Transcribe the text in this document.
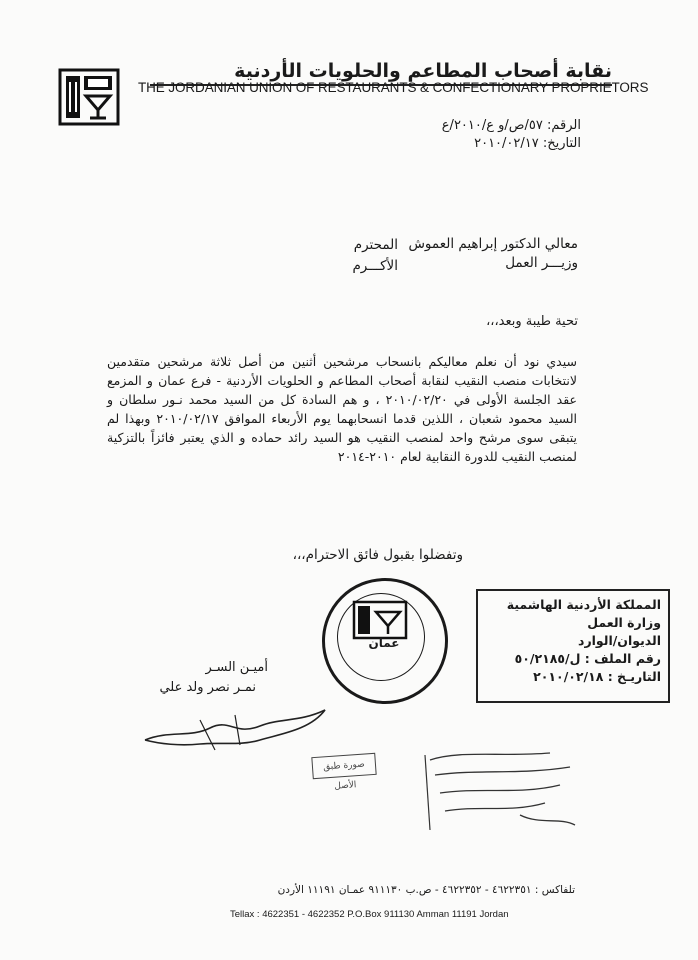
نقابة أصحاب المطاعم والحلويات الأردنية
THE JORDANIAN UNION OF RESTAURANTS & CONFECTIONARY PROPRIETORS
الرقم: ٥٧/ص/و ع/٢٠١٠/ع
التاريخ: ٢٠١٠/٠٢/١٧
معالي الدكتور إبراهيم العموش
وزيـــر العمل
المحترم
الأكـــرم
تحية طيبة وبعد،،،
سيدي نود أن نعلم معاليكم بانسحاب مرشحين أثنين من أصل ثلاثة مرشحين متقدمين لانتخابات منصب النقيب لنقابة أصحاب المطاعم و الحلويات الأردنية - فرع عمان و المزمع عقد الجلسة الأولى في ٢٠١٠/٠٢/٢٠ ، و هم السادة كل من السيد محمد نـور سلطان و السيد محمود شعبان ، اللذين قدما انسحابهما يوم الأربعاء الموافق ٢٠١٠/٠٢/١٧ وبهذا لم يتبقى سوى مرشح واحد لمنصب النقيب هو السيد رائد حماده و الذي يعتبر فائزاً بالتزكية لمنصب النقيب للدورة النقابية لعام ٢٠١٠-٢٠١٤
وتفضلوا بقبول فائق الاحترام،،،
عمان
أميـن السـر
نمـر نصر ولد علي
المملكة الأردنية الهاشمية
وزارة العمل
الديوان/الوارد
رقم الملف : ل/٥٠/٢١٨٥
التاريـخ : ٢٠١٠/٠٢/١٨
صورة طبق الأصل
تلفاكس : ٤٦٢٢٣٥١ - ٤٦٢٢٣٥٢ - ص.ب ٩١١١٣٠ عمـان ١١١٩١ الأردن
Tellax : 4622351 - 4622352 P.O.Box 911130 Amman 11191 Jordan
